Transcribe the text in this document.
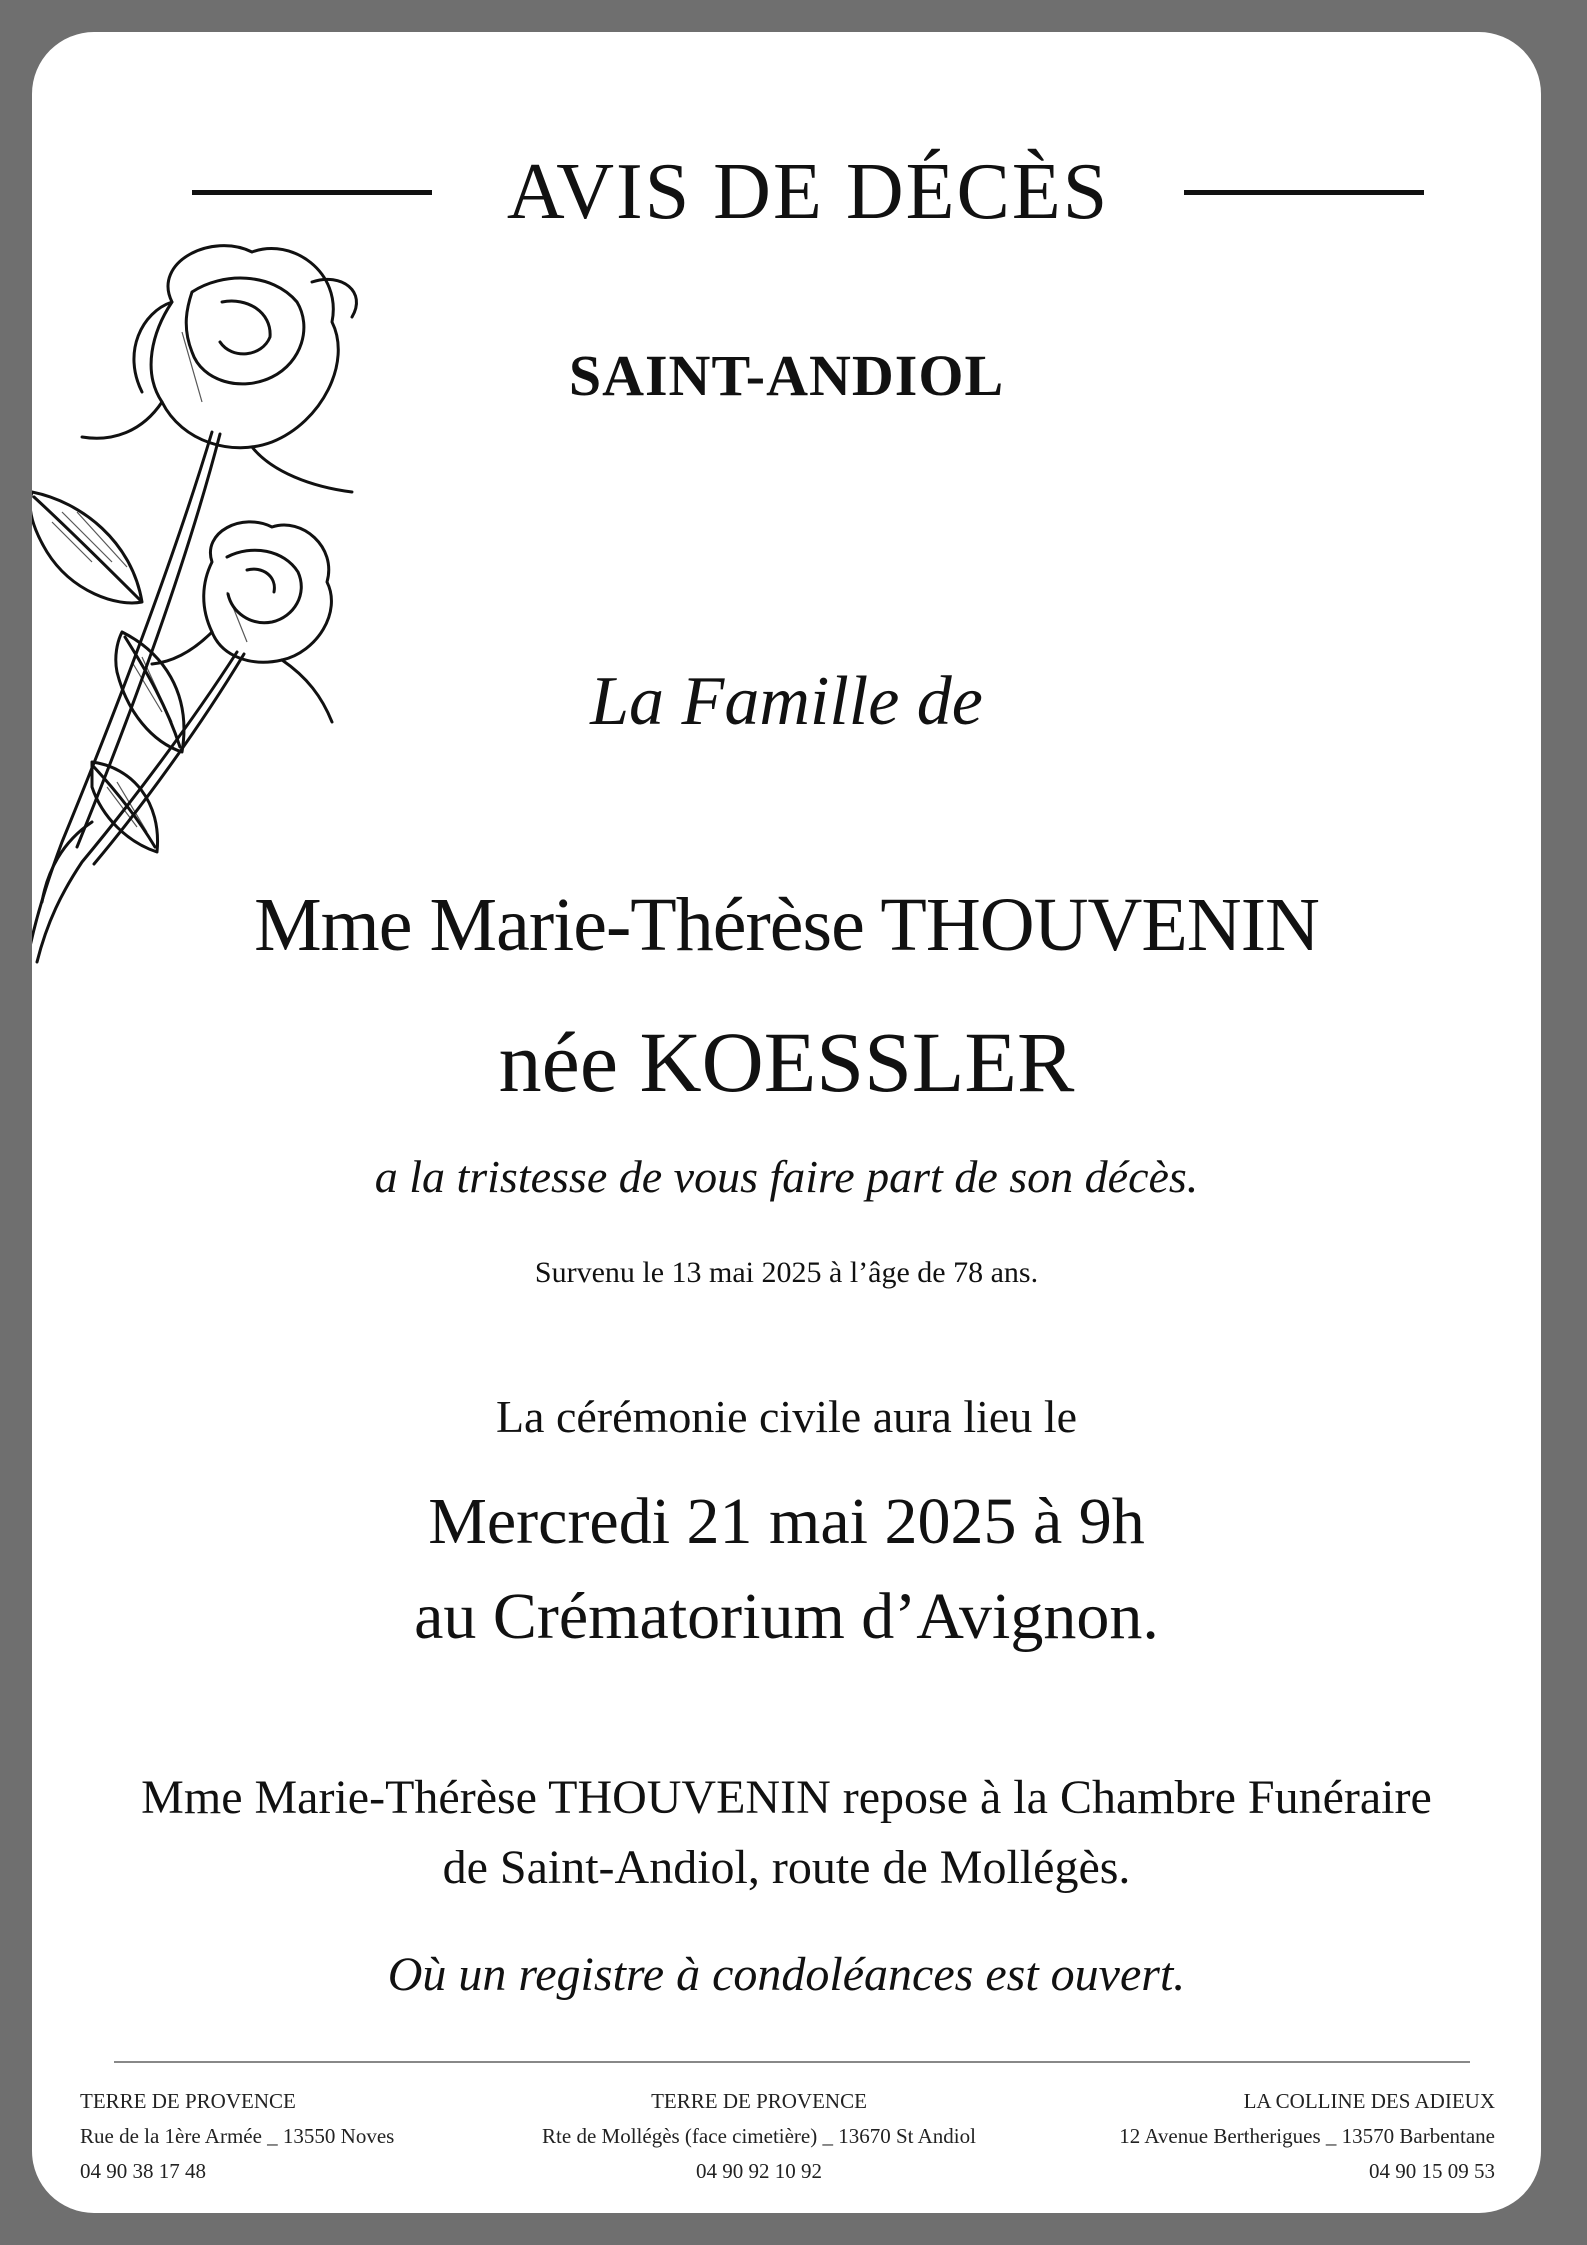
AVIS DE DÉCÈS
SAINT-ANDIOL
La Famille de
Mme Marie-Thérèse THOUVENIN
née KOESSLER
a la tristesse de vous faire part de son décès.
Survenu le 13 mai 2025 à l’âge de 78 ans.
La cérémonie civile aura lieu le
Mercredi 21 mai 2025 à 9h
au Crématorium d’Avignon.
Mme Marie-Thérèse THOUVENIN repose à la Chambre Funéraire
de Saint-Andiol, route de Mollégès.
Où un registre à condoléances est ouvert.
TERRE DE PROVENCE
Rue de la 1ère Armée _ 13550 Noves
04 90 38 17 48
TERRE DE PROVENCE
Rte de Mollégès (face cimetière) _ 13670 St Andiol
04 90 92 10 92
LA COLLINE DES ADIEUX
12 Avenue Bertherigues _ 13570 Barbentane
04 90 15 09 53
